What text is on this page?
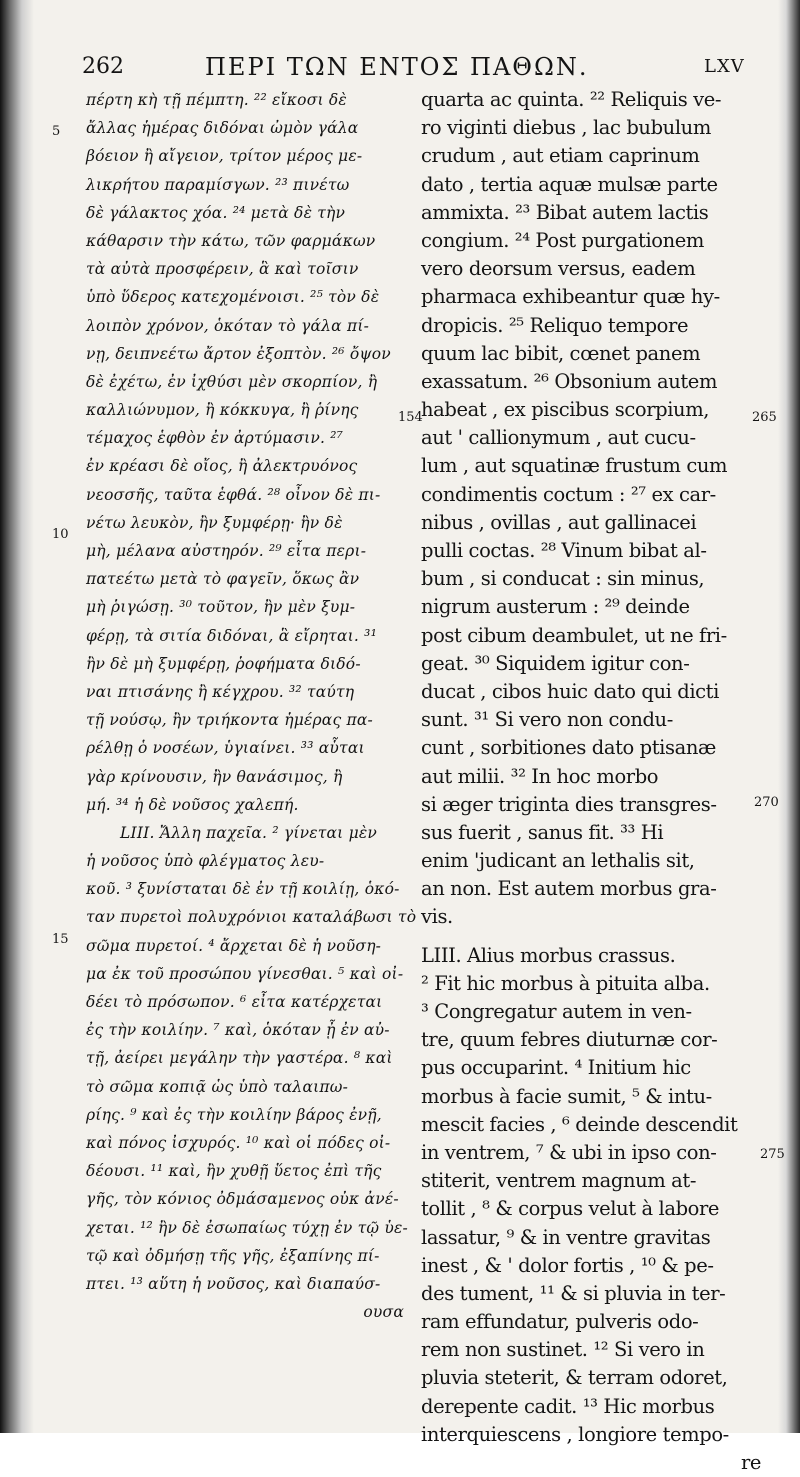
262	ΠΕΡΙ ΤΩΝ ΕΝΤΟΣ ΠΑΘΩΝ.	LXV
πέρτη κὴ τῇ πέμπτη. ²² εἴκοσι δὲ
ἄλλας ἡμέρας διδόναι ὠμὸν γάλα
βόειον ἢ αἴγειον, τρίτον μέρος με-
λικρήτου παραμίσγων. ²³ πινέτω
δὲ γάλακτος χόα. ²⁴ μετὰ δὲ τὴν
κάθαρσιν τὴν κάτω, τῶν φαρμάκων
τὰ αὐτὰ προσφέρειν, ἃ καὶ τοῖσιν
ὑπὸ ὕδερος κατεχομένοισι. ²⁵ τὸν δὲ
λοιπὸν χρόνον, ὁκόταν τὸ γάλα πί-
νῃ, δειπνεέτω ἄρτον ἐξοπτὸν. ²⁶ ὄψον
δὲ ἐχέτω, ἐν ἰχθύσι μὲν σκορπίον, ἢ
καλλιώνυμον, ἢ κόκκυγα, ἢ ῥίνης
τέμαχος ἑφθὸν ἐν ἀρτύμασιν. ²⁷
ἐν κρέασι δὲ οἴος, ἢ ἀλεκτρυόνος
νεοσσῆς, ταῦτα ἑφθά. ²⁸ οἶνον δὲ πι-
νέτω λευκὸν, ἢν ξυμφέρῃ· ἢν δὲ
μὴ, μέλανα αὐστηρόν. ²⁹ εἶτα περι-
πατεέτω μετὰ τὸ φαγεῖν, ὅκως ἂν
μὴ ῥιγώσῃ. ³⁰ τοῦτον, ἢν μὲν ξυμ-
φέρῃ, τὰ σιτία διδόναι, ἃ εἴρηται. ³¹
ἢν δὲ μὴ ξυμφέρῃ, ῥοφήματα διδό-
ναι πτισάνης ἢ κέγχρου. ³² ταύτη
τῇ νούσῳ, ἢν τριήκοντα ἡμέρας πα-
ρέλθῃ ὁ νοσέων, ὑγιαίνει. ³³ αὗται
γὰρ κρίνουσιν, ἢν θανάσιμος, ἢ
μή. ³⁴ ἡ δὲ νοῦσος χαλεπή.
LIII. Ἄλλη παχεῖα. ² γίνεται μὲν
ἡ νοῦσος ὑπὸ φλέγματος λευ-
κοῦ. ³ ξυνίσταται δὲ ἐν τῇ κοιλίῃ, ὁκό-
ταν πυρετοὶ πολυχρόνιοι καταλάβωσι τὸ
σῶμα πυρετοί. ⁴ ἄρχεται δὲ ἡ νοῦση-
μα ἐκ τοῦ προσώπου γίνεσθαι. ⁵ καὶ οἰ-
δέει τὸ πρόσωπον. ⁶ εἶτα κατέρχεται
ἐς τὴν κοιλίην. ⁷ καὶ, ὁκόταν ᾖ ἐν αὐ-
τῇ, ἀείρει μεγάλην τὴν γαστέρα. ⁸ καὶ
τὸ σῶμα κοπιᾷ ὡς ὑπὸ ταλαιπω-
ρίης. ⁹ καὶ ἐς τὴν κοιλίην βάρος ἐνῇ,
καὶ πόνος ἰσχυρός. ¹⁰ καὶ οἱ πόδες οἰ-
δέουσι. ¹¹ καὶ, ἢν χυθῇ ὕετος ἐπὶ τῆς
γῆς, τὸν κόνιος ὀδμάσαμενος οὐκ ἀνέ-
χεται. ¹² ἢν δὲ ἐσωπαίως τύχῃ ἐν τῷ ὑε-
τῷ καὶ ὀδμήσῃ τῆς γῆς, ἐξαπίνης πί-
πτει. ¹³ αὕτη ἡ νοῦσος, καὶ διαπαύσ-
ουσα
quarta ac quinta. ²² Reliquis ve-
ro viginti diebus , lac bubulum
crudum , aut etiam caprinum
dato , tertia aquæ mulsæ parte
ammixta. ²³ Bibat autem lactis
congium. ²⁴ Post purgationem
vero deorsum versus, eadem
pharmaca exhibeantur quæ hy-
dropicis. ²⁵ Reliquo tempore
quum lac bibit, cœnet panem
exassatum. ²⁶ Obsonium autem
habeat , ex piscibus scorpium,
aut ' callionymum , aut cucu-
lum , aut squatinæ frustum cum
condimentis coctum : ²⁷ ex car-
nibus , ovillas , aut gallinacei
pulli coctas. ²⁸ Vinum bibat al-
bum , si conducat : sin minus,
nigrum austerum : ²⁹ deinde
post cibum deambulet, ut ne fri-
geat. ³⁰ Siquidem igitur con-
ducat , cibos huic dato qui dicti
sunt. ³¹ Si vero non condu-
cunt , sorbitiones dato ptisanæ
aut milii. ³² In hoc morbo
si æger triginta dies transgres-
sus fuerit , sanus fit. ³³ Hi
enim 'judicant an lethalis sit,
an non. Est autem morbus gra-
vis.
LIII. Alius morbus crassus.
² Fit hic morbus à pituita alba.
³ Congregatur autem in ven-
tre, quum febres diuturnæ cor-
pus occuparint. ⁴ Initium hic
morbus à facie sumit, ⁵ & intu-
mescit facies , ⁶ deinde descendit
in ventrem, ⁷ & ubi in ipso con-
stiterit, ventrem magnum at-
tollit , ⁸ & corpus velut à labore
lassatur, ⁹ & in ventre gravitas
inest , & ' dolor fortis , ¹⁰ & pe-
des tument, ¹¹ & si pluvia in ter-
ram effundatur, pulveris odo-
rem non sustinet. ¹² Si vero in
pluvia steterit, & terram odoret,
derepente cadit. ¹³ Hic morbus
interquiescens , longiore tempo-
re
5
10
15
154	265
270
275
